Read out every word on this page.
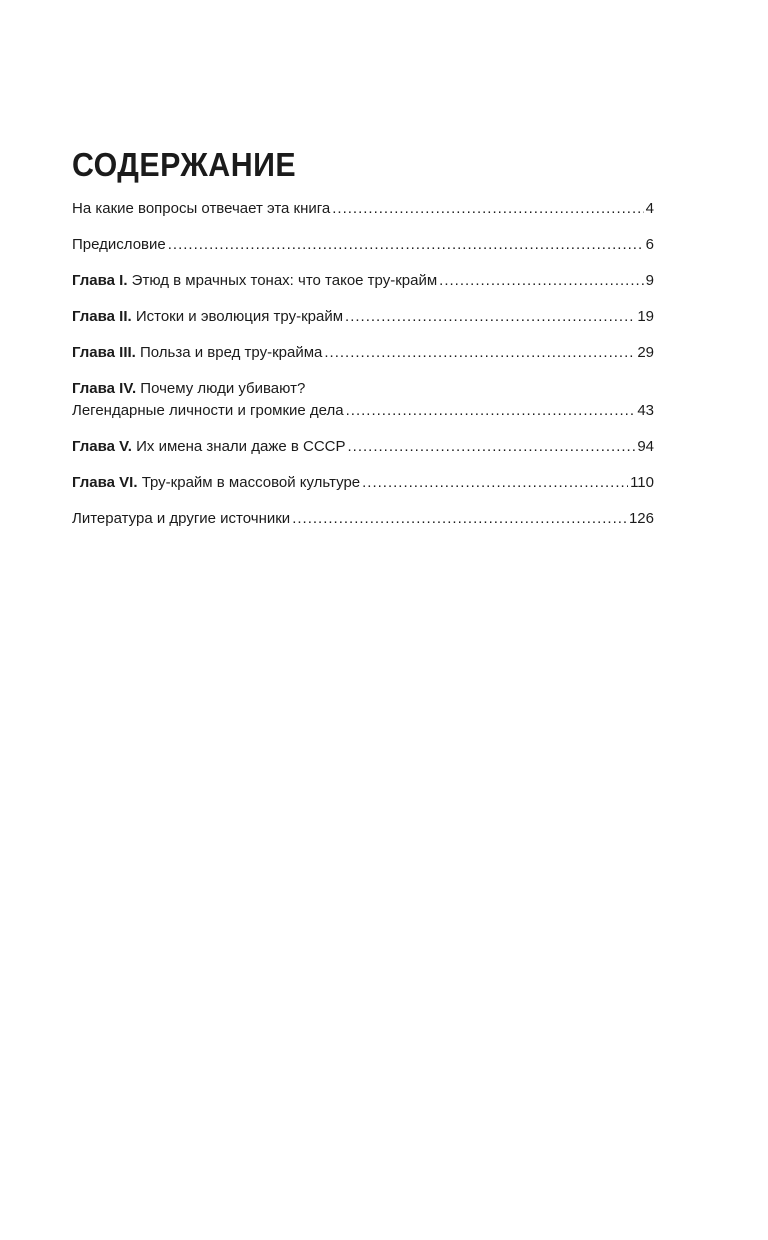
СОДЕРЖАНИЕ
На какие вопросы отвечает эта книга .....	4
Предисловие .....	6
Глава I. Этюд в мрачных тонах: что такое тру-крайм .....	9
Глава II. Истоки и эволюция тру-крайм .....	19
Глава III. Польза и вред тру-крайма .....	29
Глава IV. Почему люди убивают?
Легендарные личности и громкие дела .....	43
Глава V. Их имена знали даже в СССР .....	94
Глава VI. Тру-крайм в массовой культуре .....	110
Литература и другие источники .....	126
